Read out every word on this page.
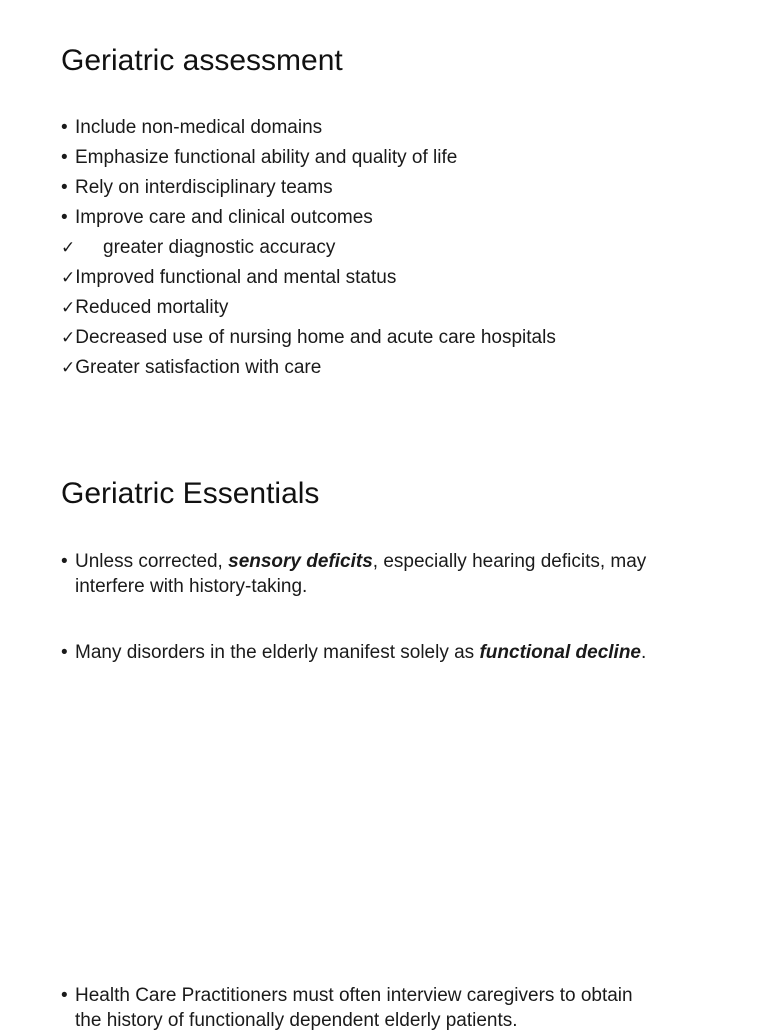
Geriatric assessment
• Include non-medical domains
• Emphasize functional ability and quality of life
• Rely on interdisciplinary teams
• Improve care and clinical outcomes
✓ greater diagnostic accuracy
✓Improved functional and mental status
✓Reduced mortality
✓Decreased use of nursing home and acute care hospitals
✓Greater satisfaction with care
Geriatric Essentials
• Unless corrected, sensory deficits, especially hearing deficits, may
interfere with history-taking.
• Many disorders in the elderly manifest solely as functional decline.
• Health Care Practitioners must often interview caregivers to obtain
the history of functionally dependent elderly patients.
